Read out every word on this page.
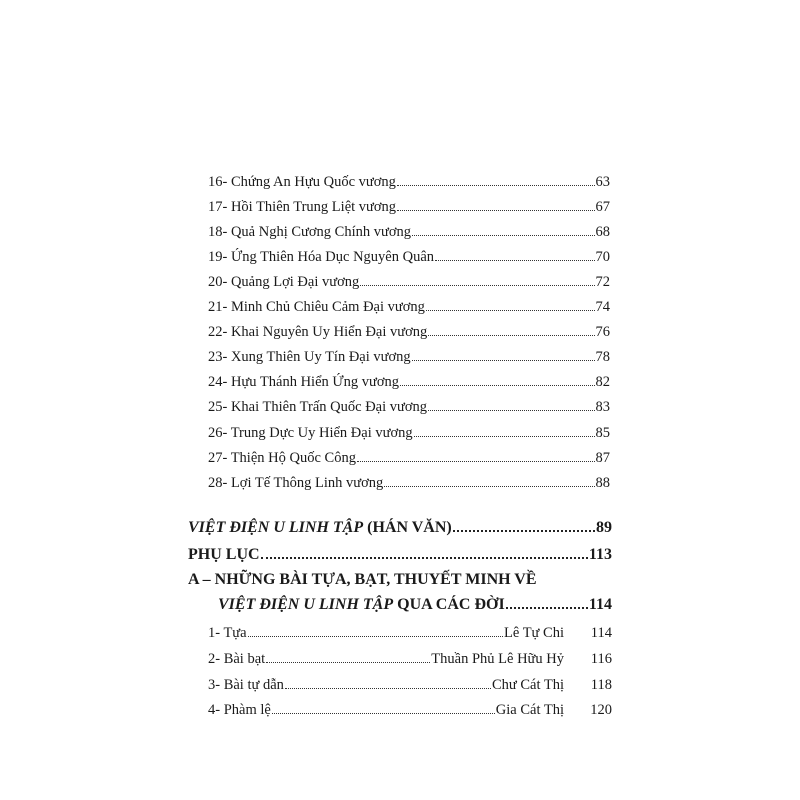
16- Chứng An Hựu Quốc vương	63
17- Hồi Thiên Trung Liệt vương	67
18- Quả Nghị Cương Chính vương	68
19- Ứng Thiên Hóa Dục Nguyên Quân	70
20- Quảng Lợi Đại vương	72
21- Minh Chủ Chiêu Cảm Đại vương	74
22- Khai Nguyên Uy Hiển Đại vương	76
23- Xung Thiên Uy Tín Đại vương	78
24- Hựu Thánh Hiển Ứng vương	82
25- Khai Thiên Trấn Quốc Đại vương	83
26- Trung Dực Uy Hiển Đại vương	85
27- Thiện Hộ Quốc Công	87
28- Lợi Tế Thông Linh vương	88
VIỆT ĐIỆN U LINH TẬP (HÁN VĂN)	89
PHỤ LỤC	113
A – NHỮNG BÀI TỰA, BẠT, THUYẾT MINH VỀ
VIỆT ĐIỆN U LINH TẬP QUA CÁC ĐỜI	114
1- Tựa	Lê Tự Chi	114
2- Bài bạt	Thuần Phủ Lê Hữu Hỷ	116
3- Bài tự dẫn	Chư Cát Thị	118
4- Phàm lệ	Gia Cát Thị	120
